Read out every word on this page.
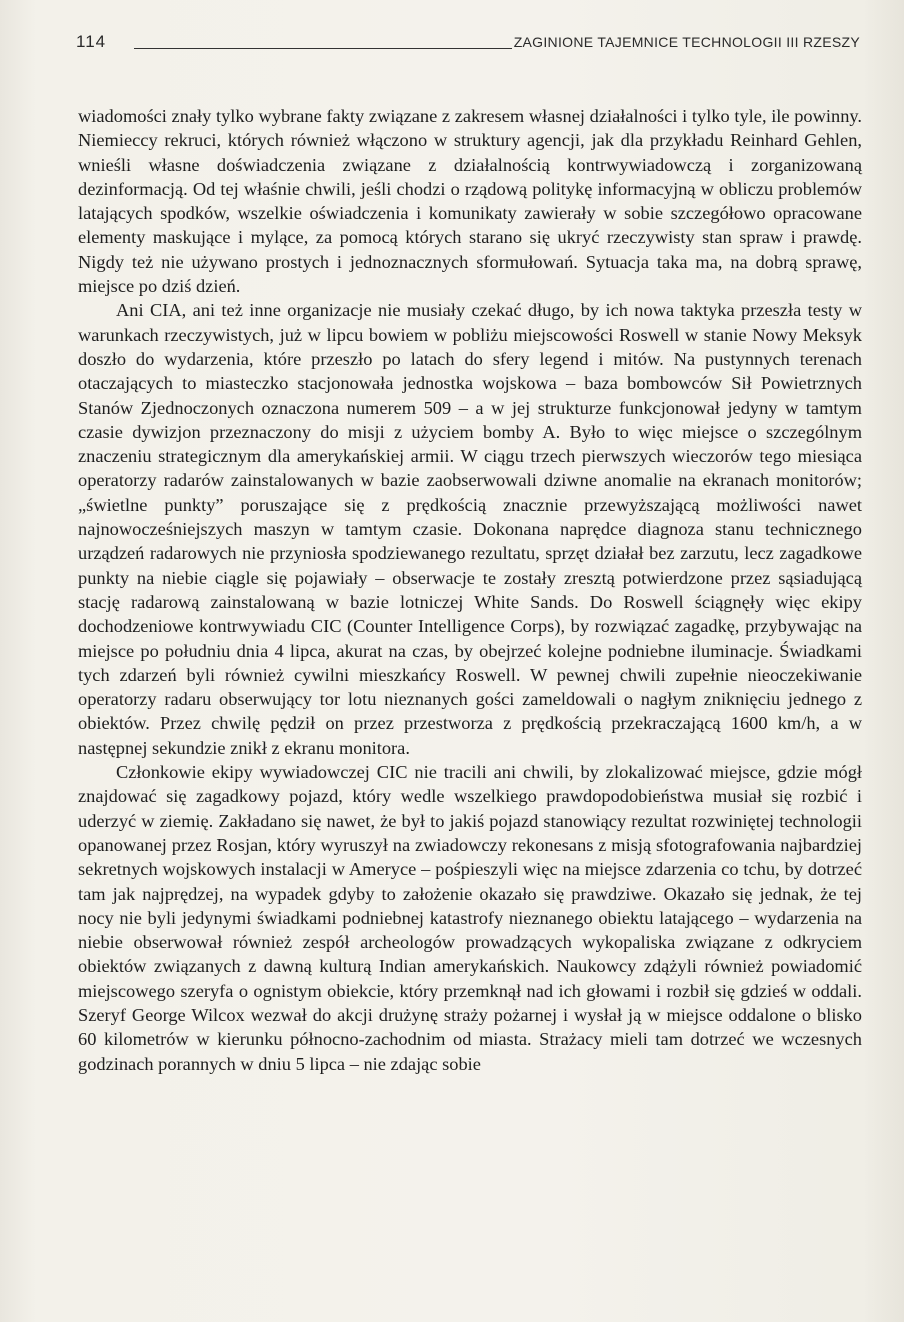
114	ZAGINIONE TAJEMNICE TECHNOLOGII III RZESZY

wiadomości znały tylko wybrane fakty związane z zakresem własnej działalności i tylko tyle, ile powinny. Niemieccy rekruci, których również włączono w struktury agencji, jak dla przykładu Reinhard Gehlen, wnieśli własne doświadczenia związane z działalnością kontrwywiadowczą i zorganizowaną dezinformacją. Od tej właśnie chwili, jeśli chodzi o rządową politykę informacyjną w obliczu problemów latających spodków, wszelkie oświadczenia i komunikaty zawierały w sobie szczegółowo opracowane elementy maskujące i mylące, za pomocą których starano się ukryć rzeczywisty stan spraw i prawdę. Nigdy też nie używano prostych i jednoznacznych sformułowań. Sytuacja taka ma, na dobrą sprawę, miejsce po dziś dzień.

Ani CIA, ani też inne organizacje nie musiały czekać długo, by ich nowa taktyka przeszła testy w warunkach rzeczywistych, już w lipcu bowiem w pobliżu miejscowości Roswell w stanie Nowy Meksyk doszło do wydarzenia, które przeszło po latach do sfery legend i mitów. Na pustynnych terenach otaczających to miasteczko stacjonowała jednostka wojskowa – baza bombowców Sił Powietrznych Stanów Zjednoczonych oznaczona numerem 509 – a w jej strukturze funkcjonował jedyny w tamtym czasie dywizjon przeznaczony do misji z użyciem bomby A. Było to więc miejsce o szczególnym znaczeniu strategicznym dla amerykańskiej armii. W ciągu trzech pierwszych wieczorów tego miesiąca operatorzy radarów zainstalowanych w bazie zaobserwowali dziwne anomalie na ekranach monitorów; „świetlne punkty” poruszające się z prędkością znacznie przewyższającą możliwości nawet najnowocześniejszych maszyn w tamtym czasie. Dokonana naprędce diagnoza stanu technicznego urządzeń radarowych nie przyniosła spodziewanego rezultatu, sprzęt działał bez zarzutu, lecz zagadkowe punkty na niebie ciągle się pojawiały – obserwacje te zostały zresztą potwierdzone przez sąsiadującą stację radarową zainstalowaną w bazie lotniczej White Sands. Do Roswell ściągnęły więc ekipy dochodzeniowe kontrwywiadu CIC (Counter Intelligence Corps), by rozwiązać zagadkę, przybywając na miejsce po południu dnia 4 lipca, akurat na czas, by obejrzeć kolejne podniebne iluminacje. Świadkami tych zdarzeń byli również cywilni mieszkańcy Roswell. W pewnej chwili zupełnie nieoczekiwanie operatorzy radaru obserwujący tor lotu nieznanych gości zameldowali o nagłym zniknięciu jednego z obiektów. Przez chwilę pędził on przez przestworza z prędkością przekraczającą 1600 km/h, a w następnej sekundzie znikł z ekranu monitora.

Członkowie ekipy wywiadowczej CIC nie tracili ani chwili, by zlokalizować miejsce, gdzie mógł znajdować się zagadkowy pojazd, który wedle wszelkiego prawdopodobieństwa musiał się rozbić i uderzyć w ziemię. Zakładano się nawet, że był to jakiś pojazd stanowiący rezultat rozwiniętej technologii opanowanej przez Rosjan, który wyruszył na zwiadowczy rekonesans z misją sfotografowania najbardziej sekretnych wojskowych instalacji w Ameryce – pośpieszyli więc na miejsce zdarzenia co tchu, by dotrzeć tam jak najprędzej, na wypadek gdyby to założenie okazało się prawdziwe. Okazało się jednak, że tej nocy nie byli jedynymi świadkami podniebnej katastrofy nieznanego obiektu latającego – wydarzenia na niebie obserwował również zespół archeologów prowadzących wykopaliska związane z odkryciem obiektów związanych z dawną kulturą Indian amerykańskich. Naukowcy zdążyli również powiadomić miejscowego szeryfa o ognistym obiekcie, który przemknął nad ich głowami i rozbił się gdzieś w oddali. Szeryf George Wilcox wezwał do akcji drużynę straży pożarnej i wysłał ją w miejsce oddalone o blisko 60 kilometrów w kierunku północno-zachodnim od miasta. Strażacy mieli tam dotrzeć we wczesnych godzinach porannych w dniu 5 lipca – nie zdając sobie
